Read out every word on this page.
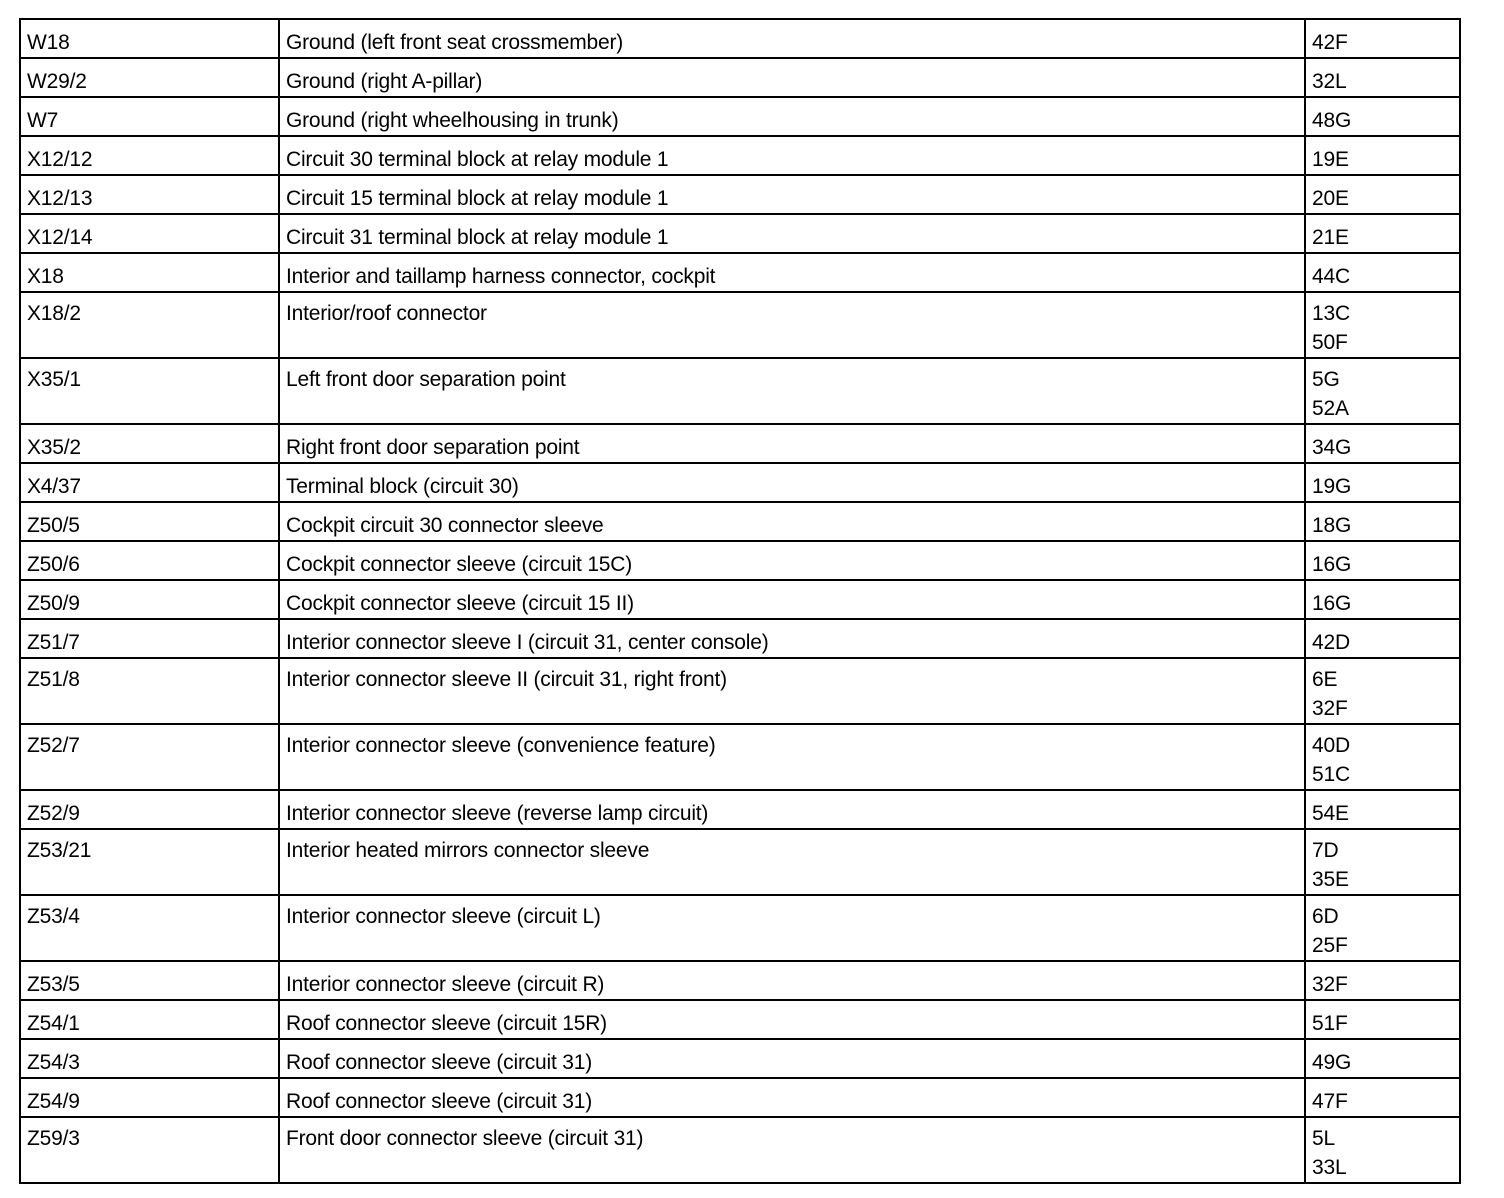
W18	Ground (left front seat crossmember)	42F

W29/2	Ground (right A-pillar)	32L

W7	Ground (right wheelhousing in trunk)	48G

X12/12	Circuit 30 terminal block at relay module 1	19E

X12/13	Circuit 15 terminal block at relay module 1	20E

X12/14	Circuit 31 terminal block at relay module 1	21E

X18	Interior and taillamp harness connector, cockpit	44C

X18/2	Interior/roof connector	13C
50F

X35/1	Left front door separation point	5G
52A

X35/2	Right front door separation point	34G

X4/37	Terminal block (circuit 30)	19G

Z50/5	Cockpit circuit 30 connector sleeve	18G

Z50/6	Cockpit connector sleeve (circuit 15C)	16G

Z50/9	Cockpit connector sleeve (circuit 15 II)	16G

Z51/7	Interior connector sleeve I (circuit 31, center console)	42D

Z51/8	Interior connector sleeve II (circuit 31, right front)	6E
32F

Z52/7	Interior connector sleeve (convenience feature)	40D
51C

Z52/9	Interior connector sleeve (reverse lamp circuit)	54E

Z53/21	Interior heated mirrors connector sleeve	7D
35E

Z53/4	Interior connector sleeve (circuit L)	6D
25F

Z53/5	Interior connector sleeve (circuit R)	32F

Z54/1	Roof connector sleeve (circuit 15R)	51F

Z54/3	Roof connector sleeve (circuit 31)	49G

Z54/9	Roof connector sleeve (circuit 31)	47F

Z59/3	Front door connector sleeve (circuit 31)	5L
33L
